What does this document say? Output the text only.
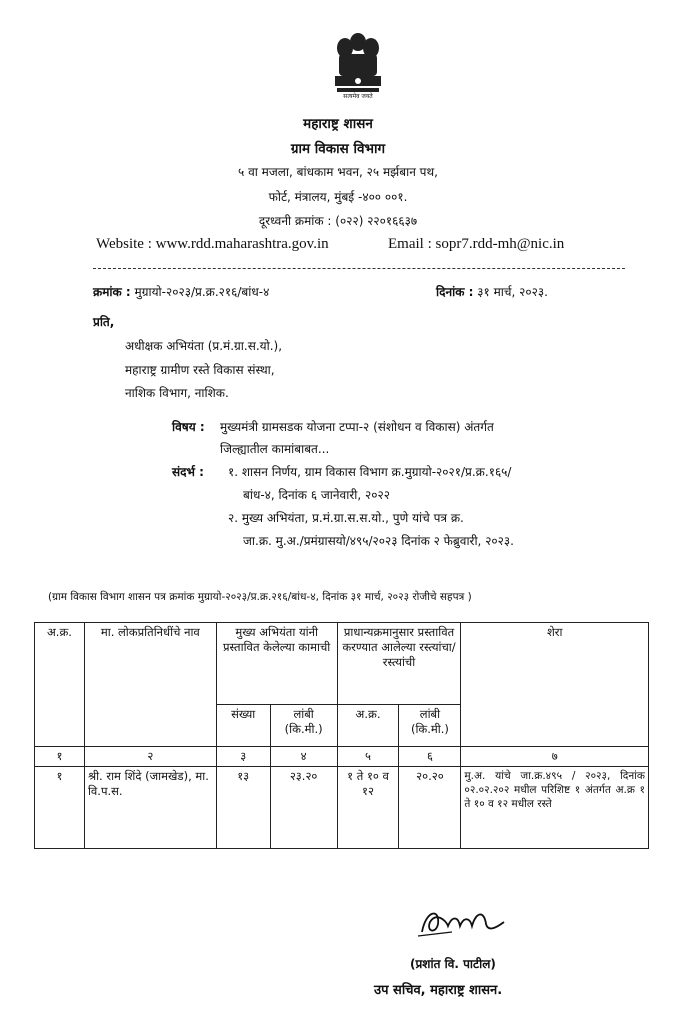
सत्यमेव जयते
महाराष्ट्र शासन
ग्राम विकास विभाग
५ वा मजला, बांधकाम भवन, २५ मर्झबान पथ,
फोर्ट, मंत्रालय, मुंबई -४०० ००१.
दूरध्वनी क्रमांक : (०२२) २२०१६६३७
Website : www.rdd.maharashtra.gov.in	Email : sopr7.rdd-mh@nic.in
क्रमांक : मुग्रायो-२०२३/प्र.क्र.२१६/बांध-४	दिनांक : ३१ मार्च, २०२३.
प्रति,
अधीक्षक अभियंता (प्र.मं.ग्रा.स.यो.),
महाराष्ट्र ग्रामीण रस्ते विकास संस्था,
नाशिक विभाग, नाशिक.
विषय : मुख्यमंत्री ग्रामसडक योजना टप्पा-२ (संशोधन व विकास) अंतर्गत
जिल्ह्यातील कामांबाबत...
संदर्भ : १. शासन निर्णय, ग्राम विकास विभाग क्र.मुग्रायो-२०२१/प्र.क्र.१६५/
बांध-४, दिनांक ६ जानेवारी, २०२२
२. मुख्य अभियंता, प्र.मं.ग्रा.स.स.यो., पुणे यांचे पत्र क्र.
जा.क्र. मु.अ./प्रमंग्रासयो/४९५/२०२३ दिनांक २ फेब्रुवारी, २०२३.
(ग्राम विकास विभाग शासन पत्र क्रमांक मुग्रायो-२०२३/प्र.क्र.२१६/बांध-४, दिनांक ३१ मार्च, २०२३ रोजीचे सहपत्र )
अ.क्र.	मा. लोकप्रतिनिधींचे नाव	मुख्य अभियंता यांनी प्रस्तावित केलेल्या कामाची		प्राधान्यक्रमानुसार प्रस्तावित करण्यात आलेल्या रस्त्यांचा/ रस्त्यांची		शेरा
		संख्या	लांबी (कि.मी.)	अ.क्र.	लांबी (कि.मी.)	
१	२	३	४	५	६	७
१	श्री. राम शिंदे (जामखेड), मा. वि.प.स.	१३	२३.२०	१ ते १० व १२	२०.२०	मु.अ. यांचे जा.क्र.४९५ / २०२३, दिनांक ०२.०२.२०२ मधील परिशिष्ट १ अंतर्गत अ.क्र १ ते १० व १२ मधील रस्ते
(प्रशांत वि. पाटील)
उप सचिव, महाराष्ट्र शासन.
